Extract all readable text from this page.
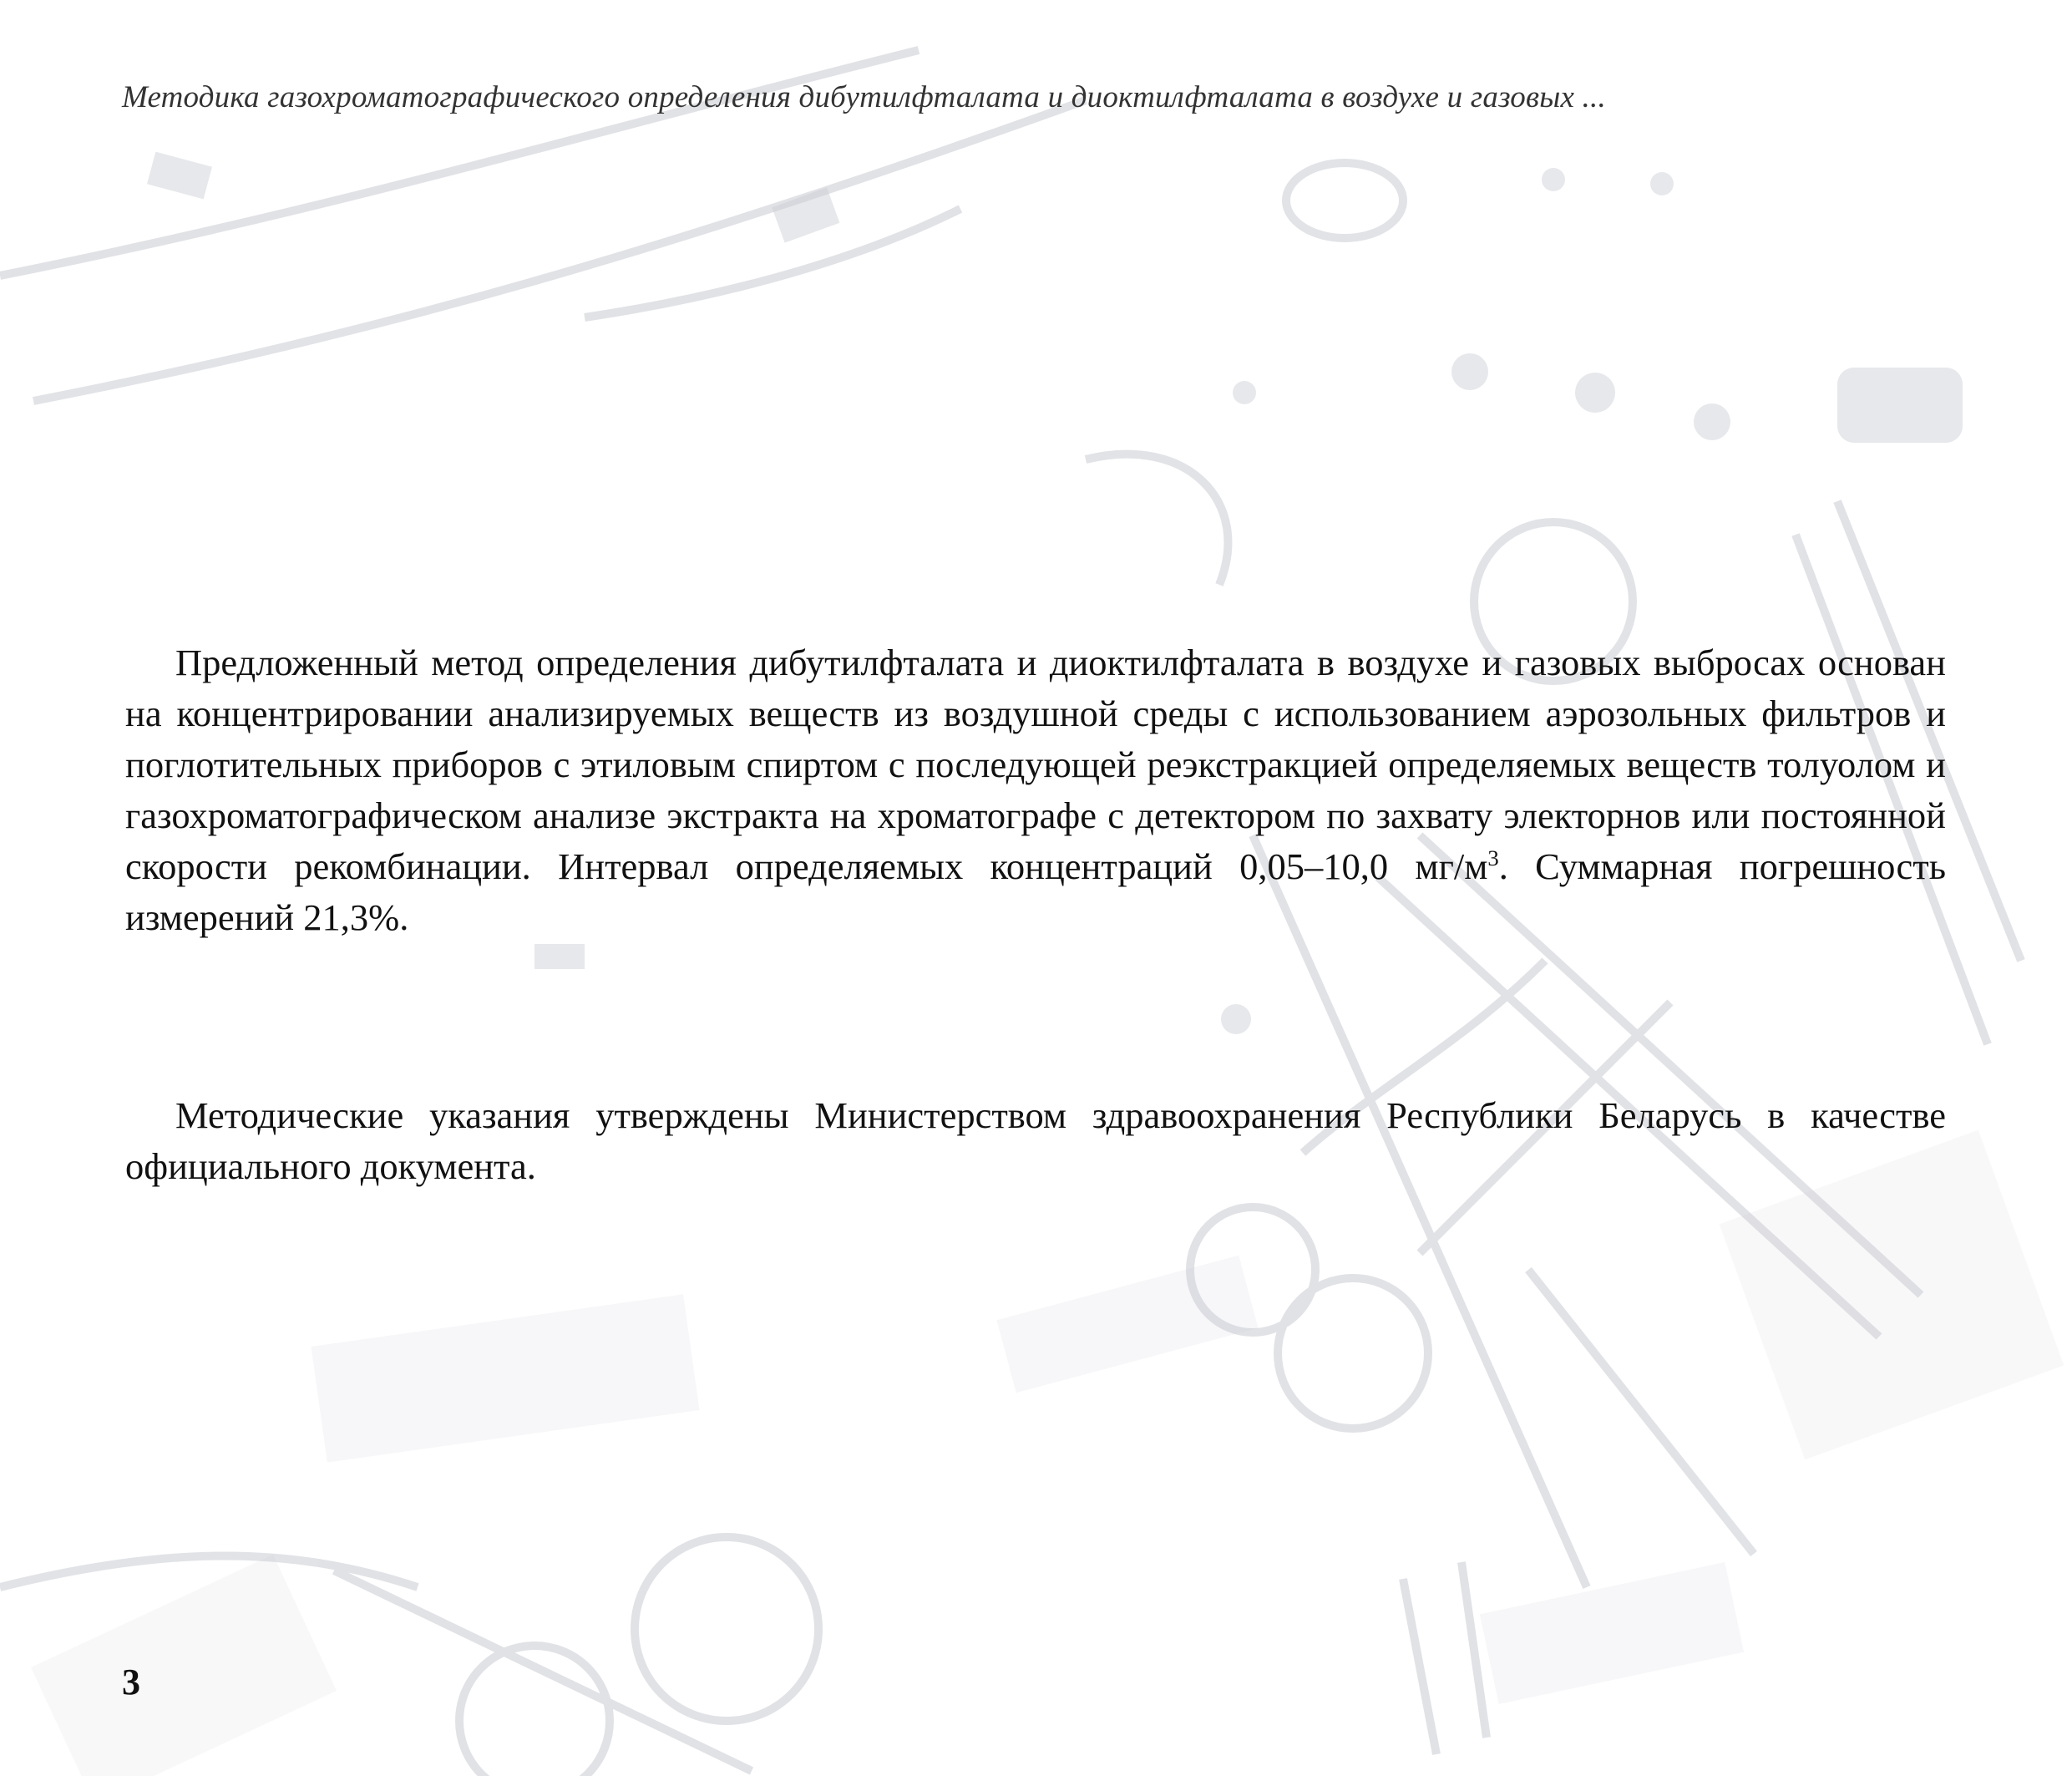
Методика газохроматографического определения дибутилфталата и диоктилфталата в воздухе и газовых ...

Предложенный метод определения дибутилфталата и диоктилфталата в воздухе и газовых выбросах основан на концентрировании анализируемых веществ из воздушной среды с использованием аэрозольных фильтров и поглотительных приборов с этиловым спиртом с последующей реэкстракцией определяемых веществ толуолом и газохроматографическом анализе экстракта на хроматографе с детектором по захвату электорнов или постоянной скорости рекомбинации. Интервал определяемых концентраций 0,05–10,0 $мг/м^3$. Суммарная погрешность измерений 21,3%.

Методические указания утверждены Министерством здравоохранения Республики Беларусь в качестве официального документа.

3
